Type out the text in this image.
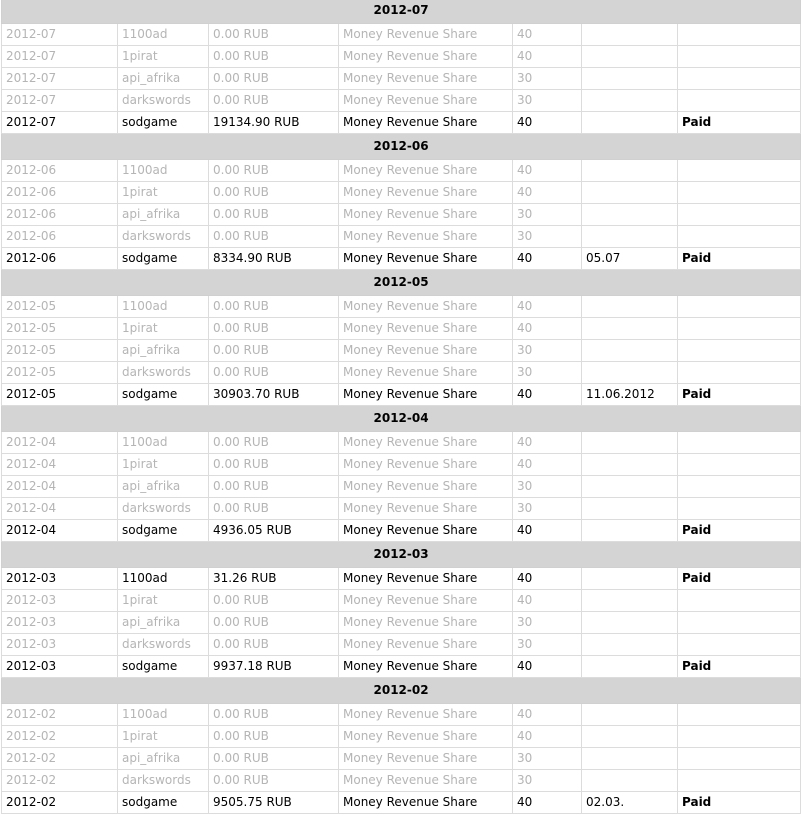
2012-07						
2012-07	1100ad	0.00 RUB	Money Revenue Share	40		
2012-07	1pirat	0.00 RUB	Money Revenue Share	40		
2012-07	api_afrika	0.00 RUB	Money Revenue Share	30		
2012-07	darkswords	0.00 RUB	Money Revenue Share	30		
2012-07	sodgame	19134.90 RUB	Money Revenue Share	40		Paid
2012-06						
2012-06	1100ad	0.00 RUB	Money Revenue Share	40		
2012-06	1pirat	0.00 RUB	Money Revenue Share	40		
2012-06	api_afrika	0.00 RUB	Money Revenue Share	30		
2012-06	darkswords	0.00 RUB	Money Revenue Share	30		
2012-06	sodgame	8334.90 RUB	Money Revenue Share	40	05.07	Paid
2012-05						
2012-05	1100ad	0.00 RUB	Money Revenue Share	40		
2012-05	1pirat	0.00 RUB	Money Revenue Share	40		
2012-05	api_afrika	0.00 RUB	Money Revenue Share	30		
2012-05	darkswords	0.00 RUB	Money Revenue Share	30		
2012-05	sodgame	30903.70 RUB	Money Revenue Share	40	11.06.2012	Paid
2012-04						
2012-04	1100ad	0.00 RUB	Money Revenue Share	40		
2012-04	1pirat	0.00 RUB	Money Revenue Share	40		
2012-04	api_afrika	0.00 RUB	Money Revenue Share	30		
2012-04	darkswords	0.00 RUB	Money Revenue Share	30		
2012-04	sodgame	4936.05 RUB	Money Revenue Share	40		Paid
2012-03						
2012-03	1100ad	31.26 RUB	Money Revenue Share	40		Paid
2012-03	1pirat	0.00 RUB	Money Revenue Share	40		
2012-03	api_afrika	0.00 RUB	Money Revenue Share	30		
2012-03	darkswords	0.00 RUB	Money Revenue Share	30		
2012-03	sodgame	9937.18 RUB	Money Revenue Share	40		Paid
2012-02						
2012-02	1100ad	0.00 RUB	Money Revenue Share	40		
2012-02	1pirat	0.00 RUB	Money Revenue Share	40		
2012-02	api_afrika	0.00 RUB	Money Revenue Share	30		
2012-02	darkswords	0.00 RUB	Money Revenue Share	30		
2012-02	sodgame	9505.75 RUB	Money Revenue Share	40	02.03.	Paid
